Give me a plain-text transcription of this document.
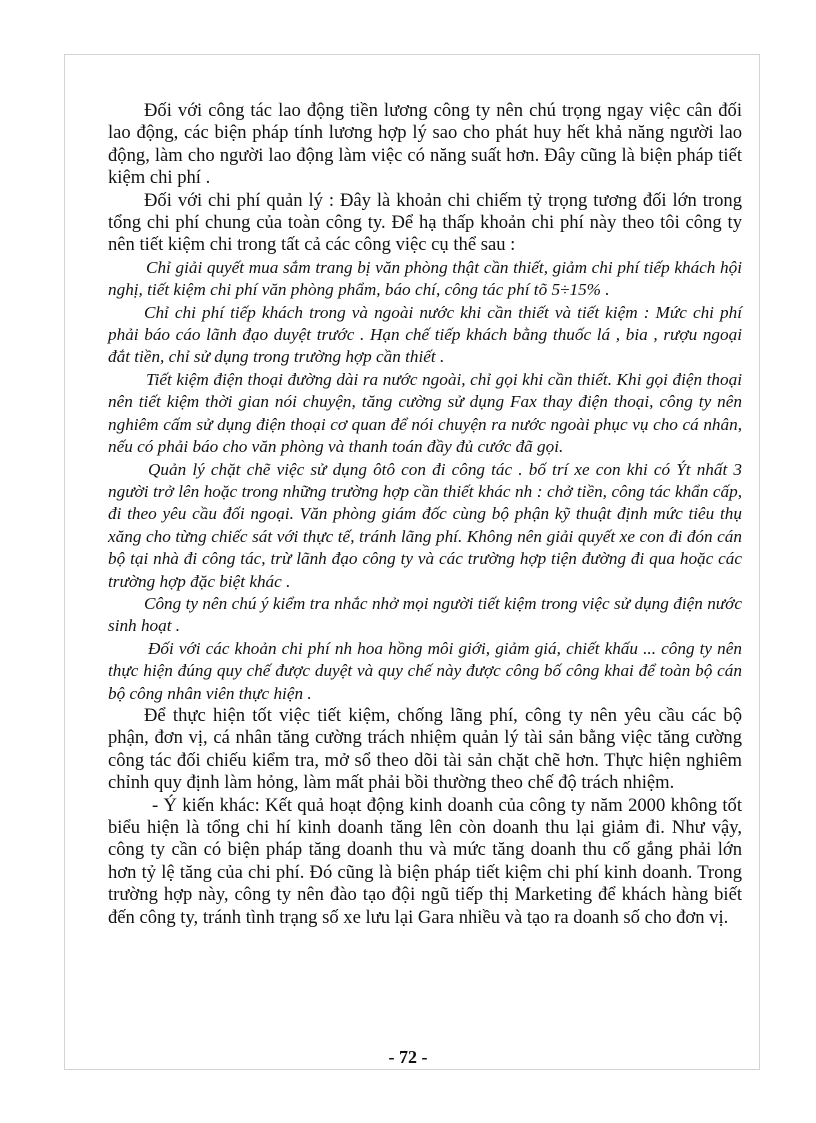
Đối với công tác lao động tiền lương công ty nên chú trọng ngay việc cân đối lao động, các biện pháp tính lương hợp lý sao cho phát huy hết khả năng người lao động, làm cho người lao động làm việc có năng suất hơn. Đây cũng là biện pháp tiết kiệm chi phí .

Đối với chi phí quản lý : Đây là khoản chi chiếm tỷ trọng tương đối lớn trong tổng chi phí chung của toàn công ty. Để hạ thấp khoản chi phí này theo tôi công ty nên tiết kiệm chi trong tất cả các công việc cụ thể sau :

Chỉ giải quyết mua sắm trang bị văn phòng thật cần thiết, giảm chi phí tiếp khách hội nghị, tiết kiệm chi phí văn phòng phẩm, báo chí, công tác phí tõ 5÷15% .

Chỉ chi phí tiếp khách trong và ngoài nước khi cần thiết và tiết kiệm : Mức chi phí phải báo cáo lãnh đạo duyệt trước . Hạn chế tiếp khách bằng thuốc lá , bia , rượu ngoại đắt tiền, chỉ sử dụng trong trường hợp cần thiết .

Tiết kiệm điện thoại đường dài ra nước ngoài, chỉ gọi khi cần thiết. Khi gọi điện thoại nên tiết kiệm thời gian nói chuyện, tăng cường sử dụng Fax thay điện thoại, công ty nên nghiêm cấm sử dụng điện thoại cơ quan để nói chuyện ra nước ngoài phục vụ cho cá nhân, nếu có phải báo cho văn phòng và thanh toán đầy đủ cước đã gọi.

Quản lý chặt chẽ việc sử dụng ôtô con đi công tác . bố trí xe con khi có Ýt nhất 3 người trở lên hoặc trong những trường hợp cần thiết khác nh : chở tiền, công tác khẩn cấp, đi theo yêu cầu đối ngoại. Văn phòng giám đốc cùng bộ phận kỹ thuật định mức tiêu thụ xăng cho từng chiếc sát với thực tế, tránh lãng phí. Không nên giải quyết xe con đi đón cán bộ tại nhà đi công tác, trừ lãnh đạo công ty và các trường hợp tiện đường đi qua hoặc các trường hợp đặc biệt khác .

Công ty nên chú ý kiểm tra nhắc nhở mọi người tiết kiệm trong việc sử dụng điện nước sinh hoạt .

Đối với các khoản chi phí nh hoa hồng môi giới, giảm giá, chiết khấu ... công ty nên thực hiện đúng quy chế được duyệt và quy chế này được công bố công khai để toàn bộ cán bộ công nhân viên thực hiện .

Để thực hiện tốt việc tiết kiệm, chống lãng phí, công ty nên yêu cầu các bộ phận, đơn vị, cá nhân tăng cường trách nhiệm quản lý tài sản bằng việc tăng cường công tác đối chiếu kiểm tra, mở sổ theo dõi tài sản chặt chẽ hơn. Thực hiện nghiêm chỉnh quy định làm hỏng, làm mất phải bồi thường theo chế độ trách nhiệm.

- Ý kiến khác: Kết quả hoạt động kinh doanh của công ty năm 2000 không tốt biểu hiện là tổng chi hí kinh doanh tăng lên còn doanh thu lại giảm đi. Như vậy, công ty cần có biện pháp tăng doanh thu và mức tăng doanh thu cố gắng phải lớn hơn tỷ lệ tăng của chi phí. Đó cũng là biện pháp tiết kiệm chi phí kinh doanh. Trong trường hợp này, công ty nên đào tạo đội ngũ tiếp thị Marketing để khách hàng biết đến công ty, tránh tình trạng số xe lưu lại Gara nhiều và tạo ra doanh số cho đơn vị.

- 72 -
